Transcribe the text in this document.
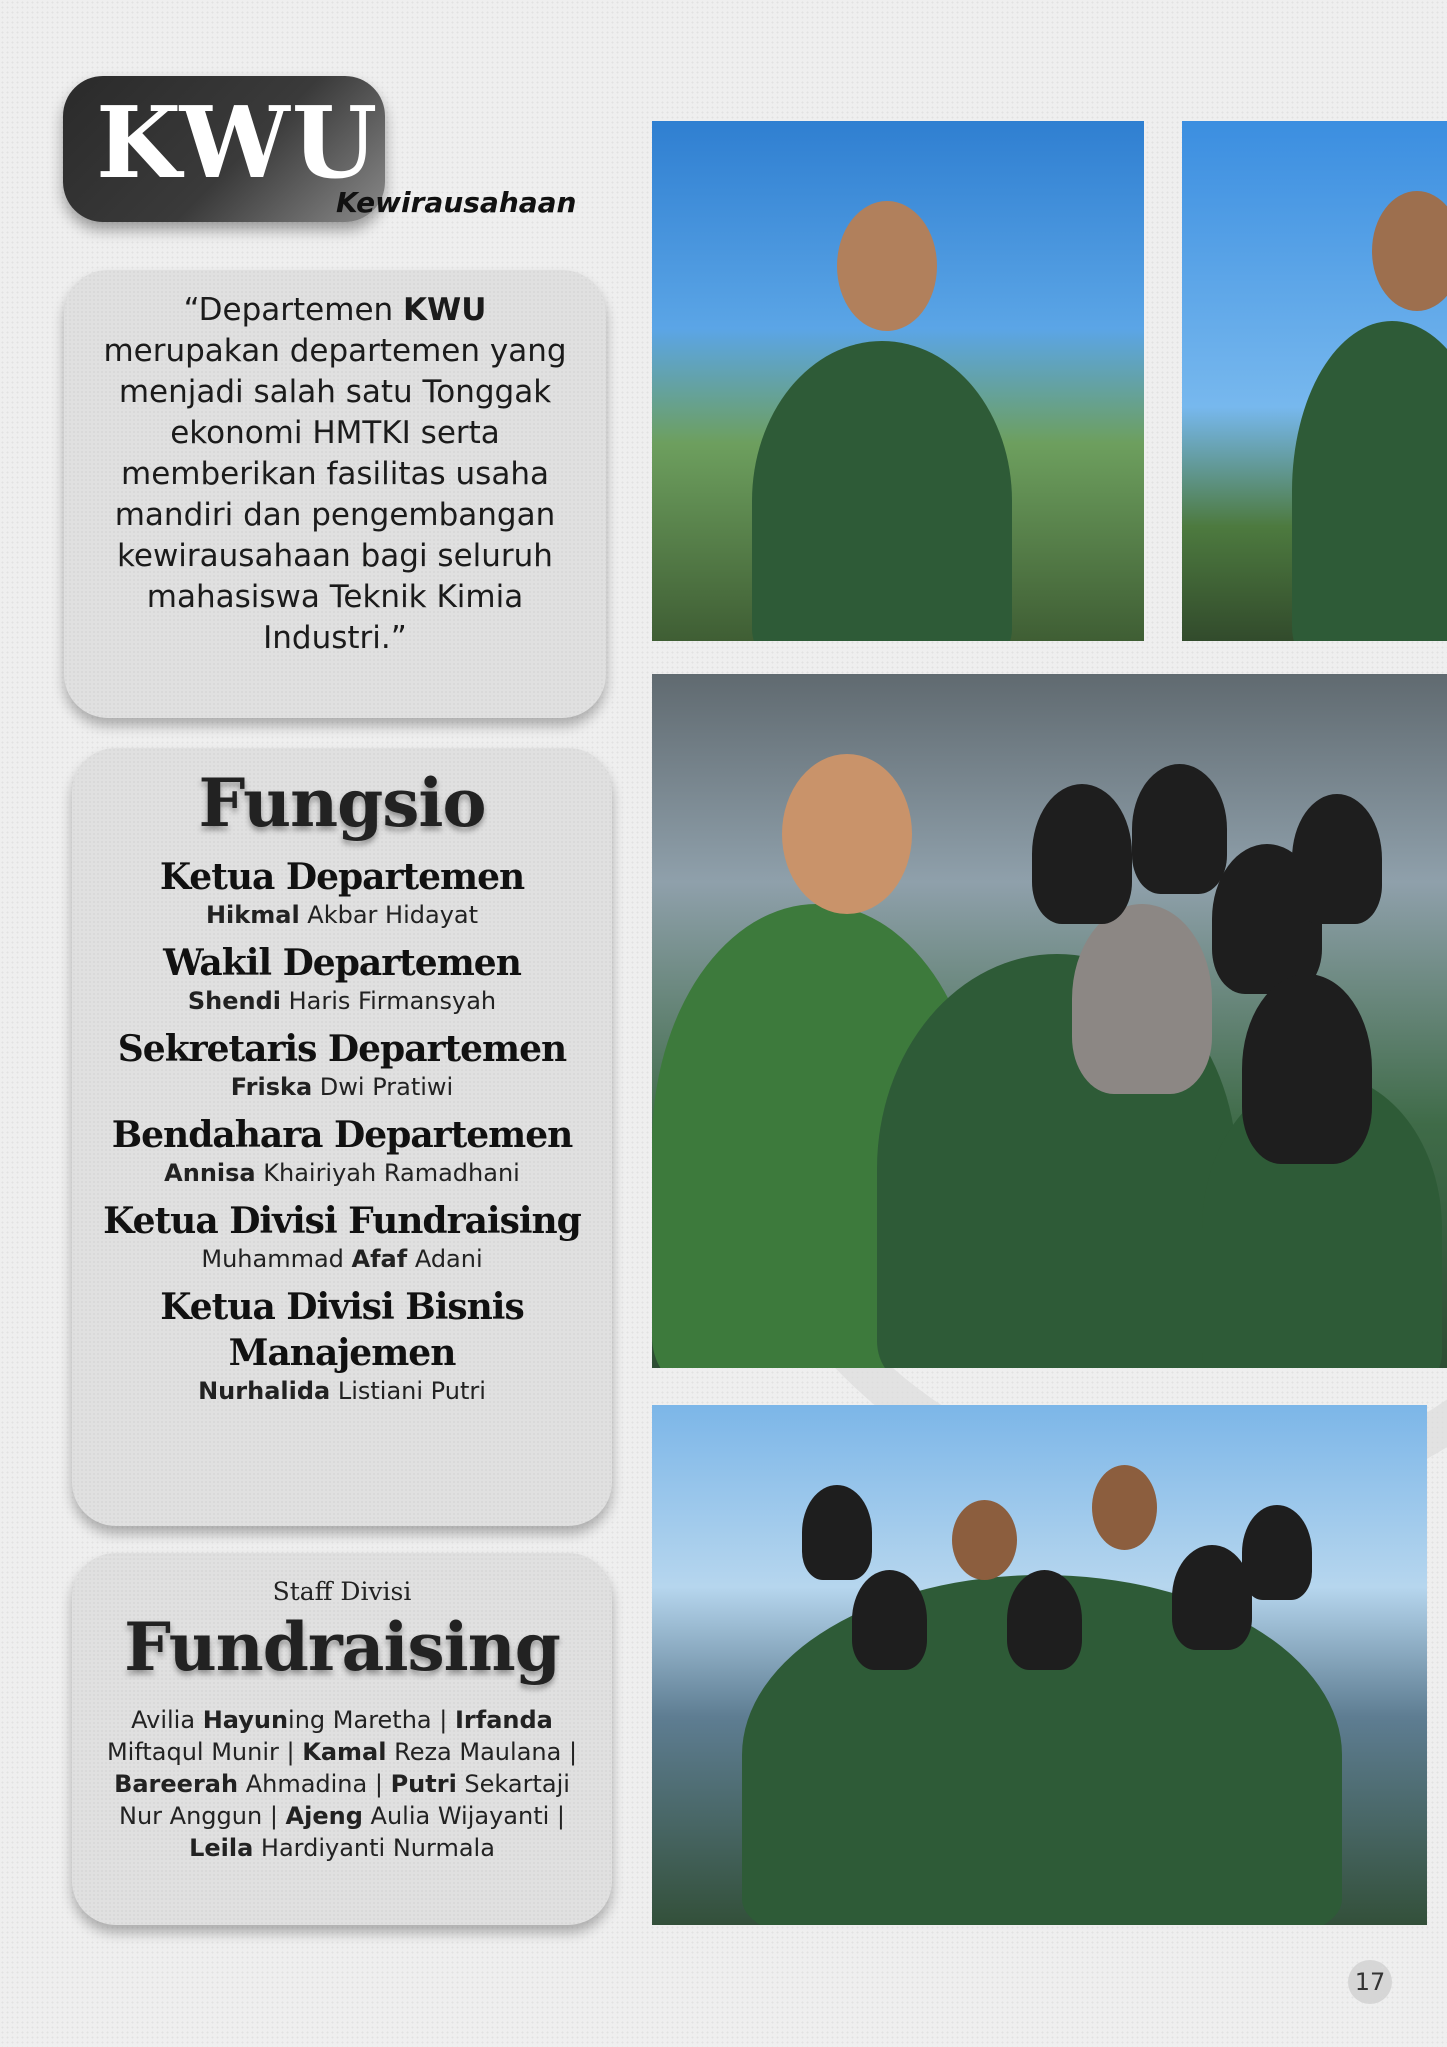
KWU
Kewirausahaan
“Departemen KWU merupakan departemen yang menjadi salah satu Tonggak ekonomi HMTKI serta memberikan fasilitas usaha mandiri dan pengembangan kewirausahaan bagi seluruh mahasiswa Teknik Kimia Industri.”
Fungsio
Ketua Departemen
Hikmal Akbar Hidayat
Wakil Departemen
Shendi Haris Firmansyah
Sekretaris Departemen
Friska Dwi Pratiwi
Bendahara Departemen
Annisa Khairiyah Ramadhani
Ketua Divisi Fundraising
Muhammad Afaf Adani
Ketua Divisi Bisnis Manajemen
Nurhalida Listiani Putri
Staff Divisi
Fundraising
Avilia Hayuning Maretha | Irfanda Miftaqul Munir | Kamal Reza Maulana | Bareerah Ahmadina | Putri Sekartaji Nur Anggun | Ajeng Aulia Wijayanti | Leila Hardiyanti Nurmala
17
